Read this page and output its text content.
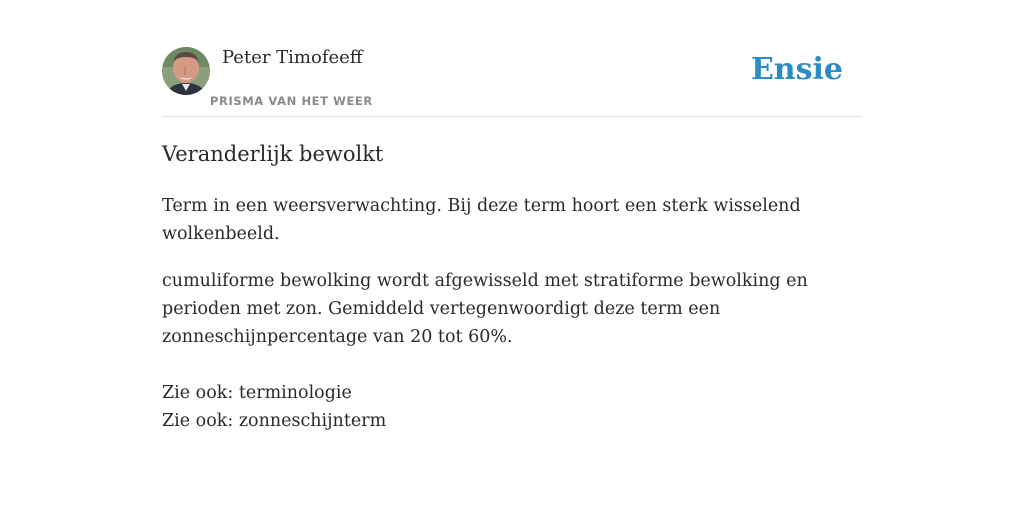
Peter Timofeeff
PRISMA VAN HET WEER
Ensie
Veranderlijk bewolkt

Term in een weersverwachting. Bij deze term hoort een sterk wisselend wolkenbeeld.

cumuliforme bewolking wordt afgewisseld met stratiforme bewolking en perioden met zon. Gemiddeld vertegenwoordigt deze term een zonneschijnpercentage van 20 tot 60%.

Zie ook: terminologie
Zie ook: zonneschijnterm
